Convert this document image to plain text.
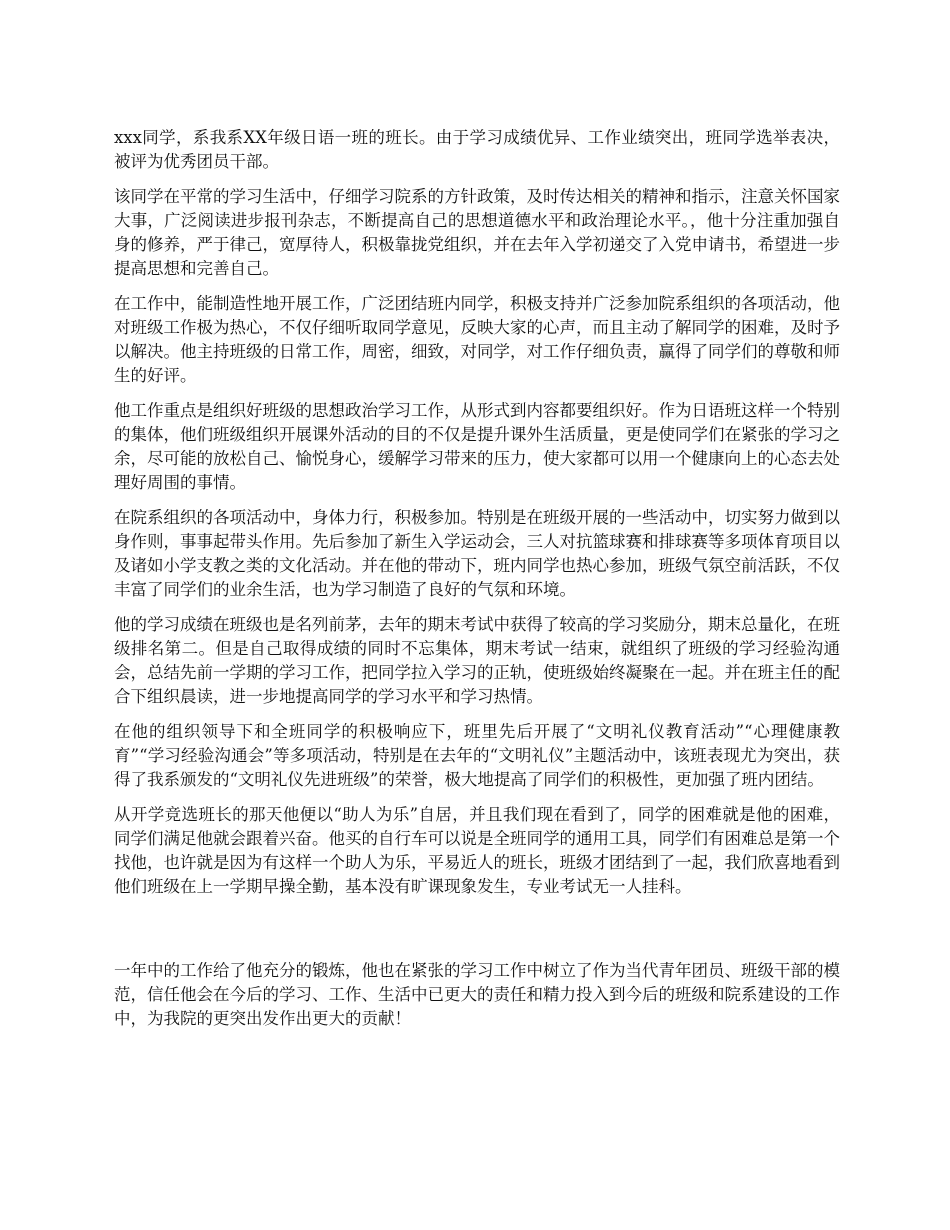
xxx同学，系我系XX年级日语一班的班长。由于学习成绩优异、工作业绩突出，班同学选举表决，被评为优秀团员干部。

该同学在平常的学习生活中，仔细学习院系的方针政策，及时传达相关的精神和指示，注意关怀国家大事，广泛阅读进步报刊杂志，不断提高自己的思想道德水平和政治理论水平。，他十分注重加强自身的修养，严于律己，宽厚待人，积极靠拢党组织，并在去年入学初递交了入党申请书，希望进一步提高思想和完善自己。

在工作中，能制造性地开展工作，广泛团结班内同学，积极支持并广泛参加院系组织的各项活动，他对班级工作极为热心，不仅仔细听取同学意见，反映大家的心声，而且主动了解同学的困难，及时予以解决。他主持班级的日常工作，周密，细致，对同学，对工作仔细负责，赢得了同学们的尊敬和师生的好评。

他工作重点是组织好班级的思想政治学习工作，从形式到内容都要组织好。作为日语班这样一个特别的集体，他们班级组织开展课外活动的目的不仅是提升课外生活质量，更是使同学们在紧张的学习之余，尽可能的放松自己、愉悦身心，缓解学习带来的压力，使大家都可以用一个健康向上的心态去处理好周围的事情。

在院系组织的各项活动中，身体力行，积极参加。特别是在班级开展的一些活动中，切实努力做到以身作则，事事起带头作用。先后参加了新生入学运动会，三人对抗篮球赛和排球赛等多项体育项目以及诸如小学支教之类的文化活动。并在他的带动下，班内同学也热心参加，班级气氛空前活跃，不仅丰富了同学们的业余生活，也为学习制造了良好的气氛和环境。

他的学习成绩在班级也是名列前茅，去年的期末考试中获得了较高的学习奖励分，期末总量化，在班级排名第二。但是自己取得成绩的同时不忘集体，期末考试一结束，就组织了班级的学习经验沟通会，总结先前一学期的学习工作，把同学拉入学习的正轨，使班级始终凝聚在一起。并在班主任的配合下组织晨读，进一步地提高同学的学习水平和学习热情。

在他的组织领导下和全班同学的积极响应下，班里先后开展了“文明礼仪教育活动”“心理健康教育”“学习经验沟通会”等多项活动，特别是在去年的“文明礼仪”主题活动中，该班表现尤为突出，获得了我系颁发的“文明礼仪先进班级”的荣誉，极大地提高了同学们的积极性，更加强了班内团结。

从开学竞选班长的那天他便以“助人为乐”自居，并且我们现在看到了，同学的困难就是他的困难，同学们满足他就会跟着兴奋。他买的自行车可以说是全班同学的通用工具，同学们有困难总是第一个找他，也许就是因为有这样一个助人为乐，平易近人的班长，班级才团结到了一起，我们欣喜地看到他们班级在上一学期早操全勤，基本没有旷课现象发生，专业考试无一人挂科。

一年中的工作给了他充分的锻炼，他也在紧张的学习工作中树立了作为当代青年团员、班级干部的模范，信任他会在今后的学习、工作、生活中已更大的责任和精力投入到今后的班级和院系建设的工作中，为我院的更突出发作出更大的贡献！
